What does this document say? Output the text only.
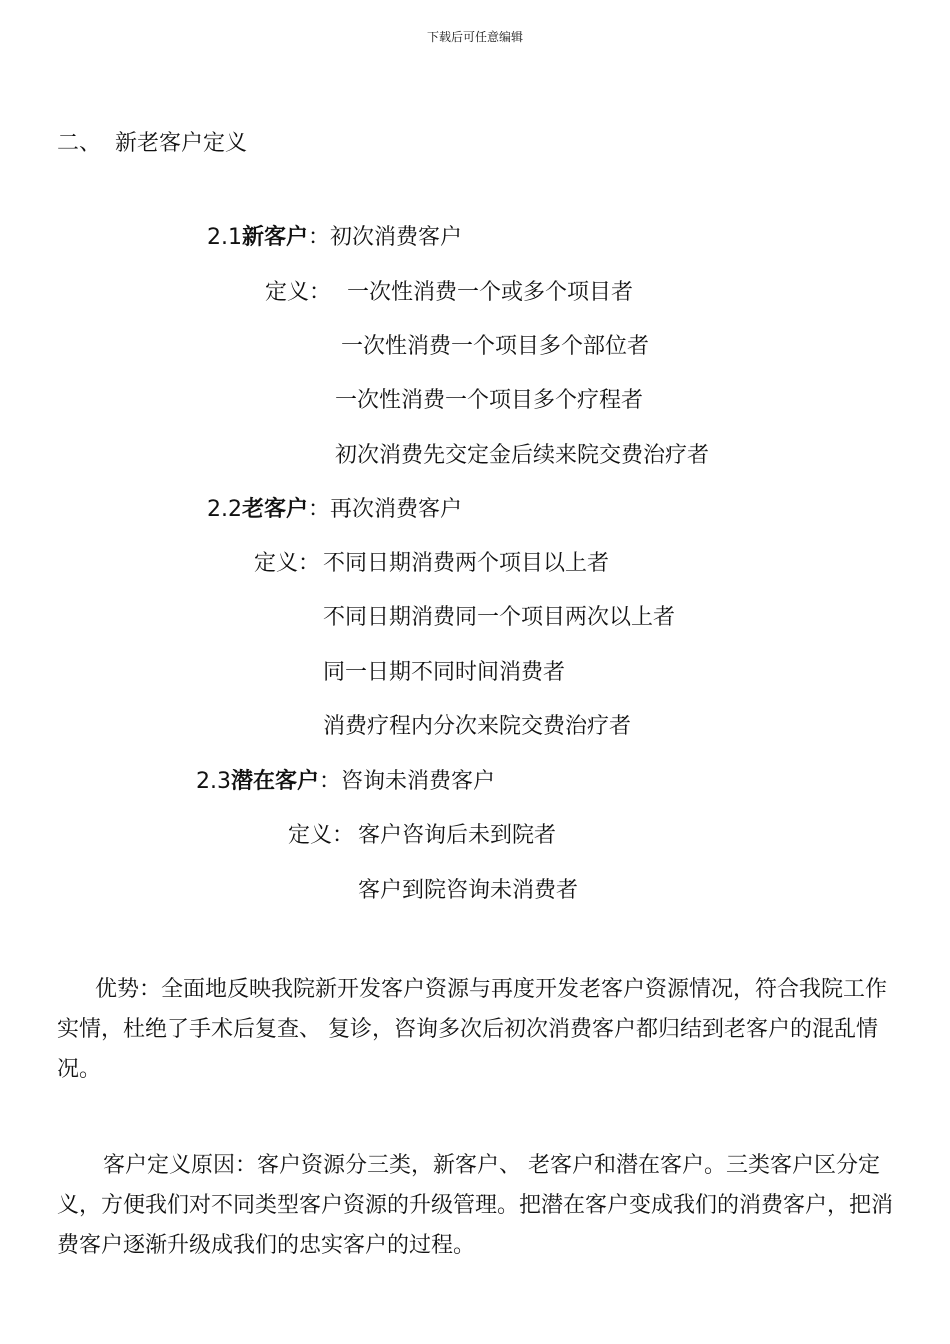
下载后可任意编辑
二、 新老客户定义
2.1新客户：初次消费客户
定义： 一次性消费一个或多个项目者
一次性消费一个项目多个部位者
一次性消费一个项目多个疗程者
初次消费先交定金后续来院交费治疗者
2.2老客户：再次消费客户
定义： 不同日期消费两个项目以上者
不同日期消费同一个项目两次以上者
同一日期不同时间消费者
消费疗程内分次来院交费治疗者
2.3潜在客户：咨询未消费客户
定义： 客户咨询后未到院者
客户到院咨询未消费者
优势：全面地反映我院新开发客户资源与再度开发老客户资源情况，符合我院工作实情，杜绝了手术后复查、 复诊，咨询多次后初次消费客户都归结到老客户的混乱情况。
客户定义原因：客户资源分三类，新客户、 老客户和潜在客户。三类客户区分定义，方便我们对不同类型客户资源的升级管理。把潜在客户变成我们的消费客户，把消费客户逐渐升级成我们的忠实客户的过程。
